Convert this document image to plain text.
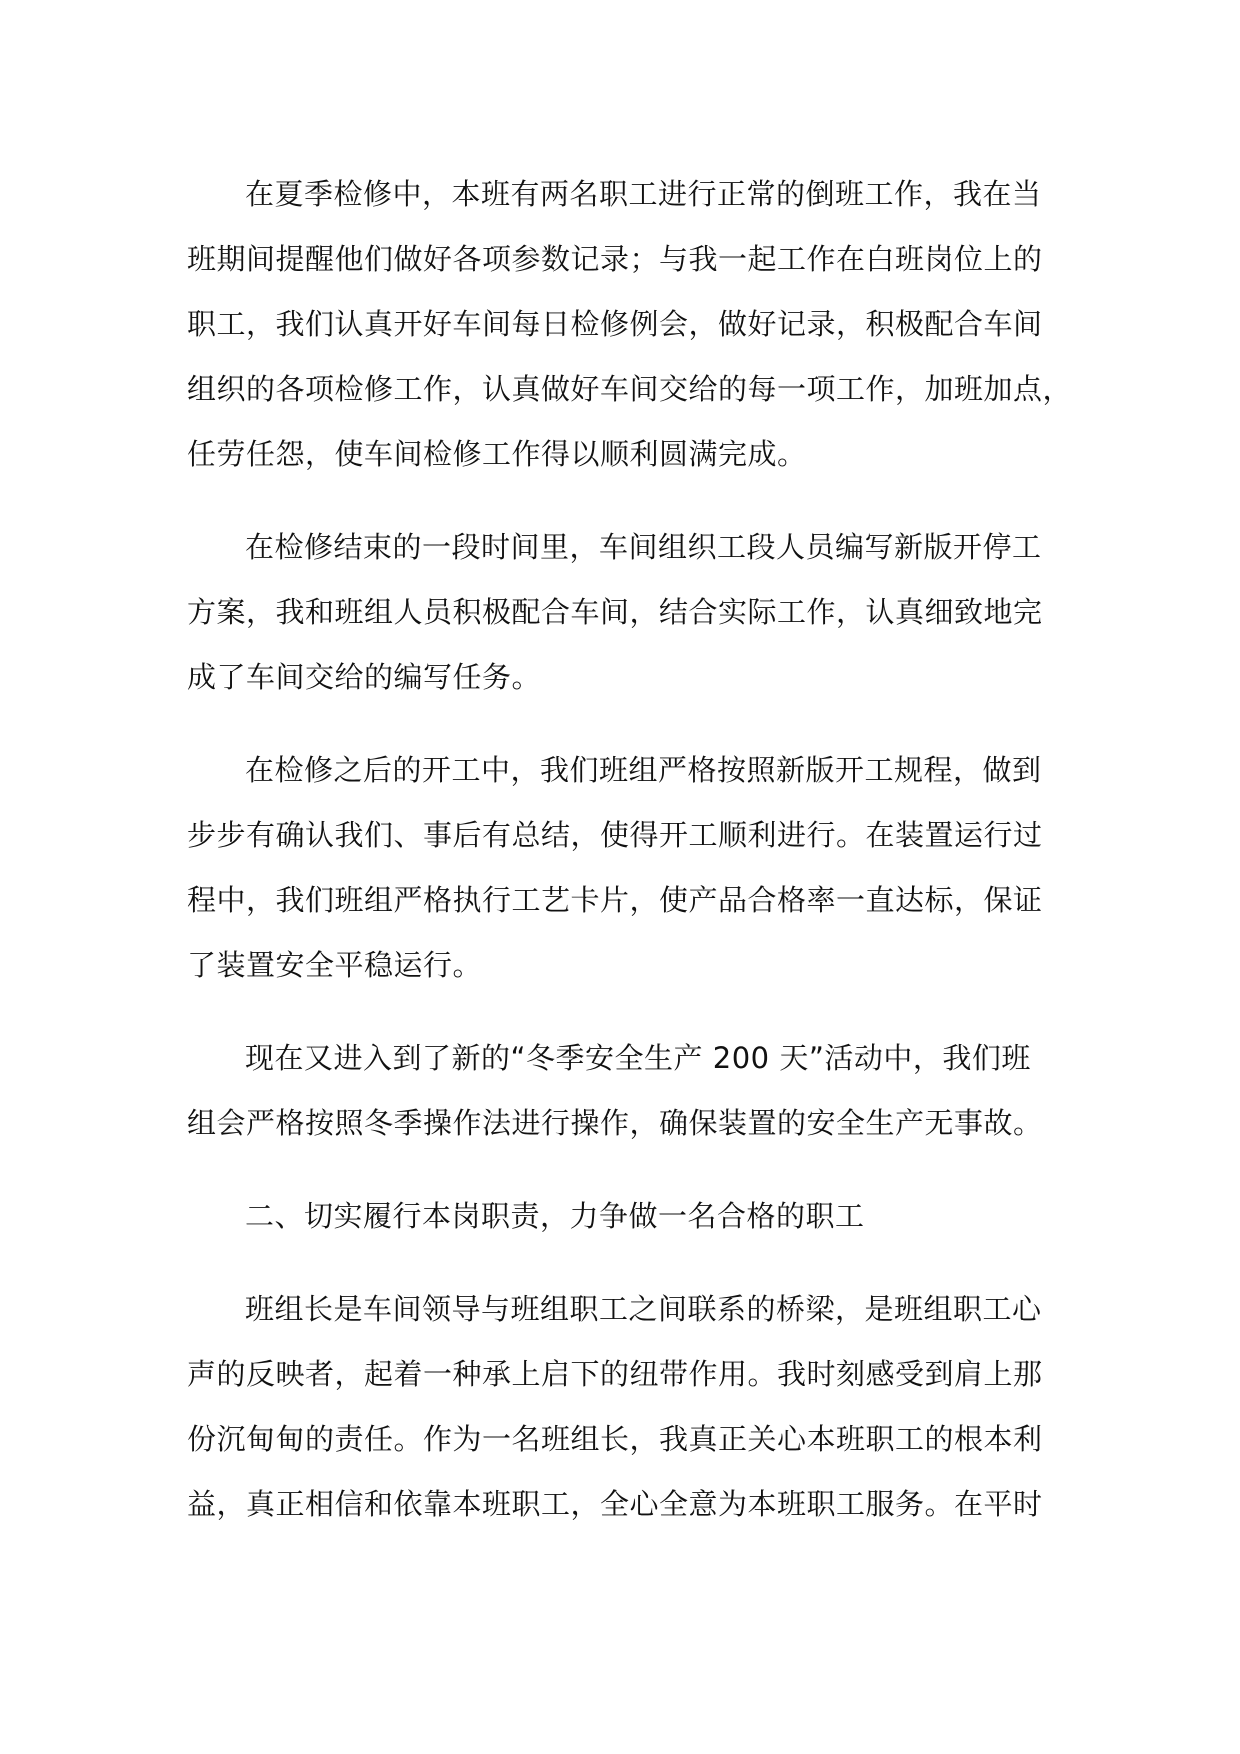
在夏季检修中，本班有两名职工进行正常的倒班工作，我在当
班期间提醒他们做好各项参数记录；与我一起工作在白班岗位上的
职工，我们认真开好车间每日检修例会，做好记录，积极配合车间
组织的各项检修工作，认真做好车间交给的每一项工作，加班加点，
任劳任怨，使车间检修工作得以顺利圆满完成。
在检修结束的一段时间里，车间组织工段人员编写新版开停工
方案，我和班组人员积极配合车间，结合实际工作，认真细致地完
成了车间交给的编写任务。
在检修之后的开工中，我们班组严格按照新版开工规程，做到
步步有确认我们、事后有总结，使得开工顺利进行。在装置运行过
程中，我们班组严格执行工艺卡片，使产品合格率一直达标，保证
了装置安全平稳运行。
现在又进入到了新的“冬季安全生产 200 天”活动中，我们班
组会严格按照冬季操作法进行操作，确保装置的安全生产无事故。
二、切实履行本岗职责，力争做一名合格的职工
班组长是车间领导与班组职工之间联系的桥梁，是班组职工心
声的反映者，起着一种承上启下的纽带作用。我时刻感受到肩上那
份沉甸甸的责任。作为一名班组长，我真正关心本班职工的根本利
益，真正相信和依靠本班职工，全心全意为本班职工服务。在平时
